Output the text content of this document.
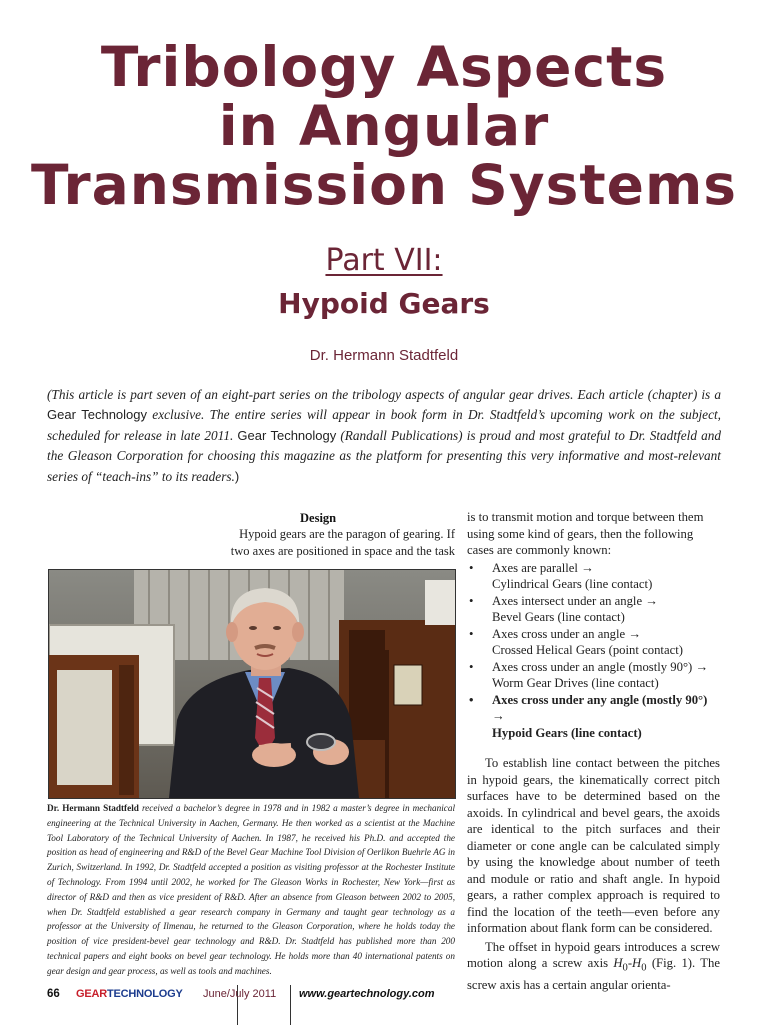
Tribology Aspects
in Angular
Transmission Systems
Part VII:
Hypoid Gears
Dr. Hermann Stadtfeld
(This article is part seven of an eight-part series on the tribology aspects of angular gear drives. Each article (chapter) is a Gear Technology exclusive. The entire series will appear in book form in Dr. Stadtfeld’s upcoming work on the subject, scheduled for release in late 2011. Gear Technology (Randall Publications) is proud and most grateful to Dr. Stadtfeld and the Gleason Corporation for choosing this magazine as the platform for presenting this very informative and most-relevant series of “teach-ins” to its readers.)
Design
Hypoid gears are the paragon of gearing. If
two axes are positioned in space and the task
Dr. Hermann Stadtfeld received a bachelor’s degree in 1978 and in 1982 a master’s degree in mechanical engineering at the Technical University in Aachen, Germany. He then worked as a scientist at the Machine Tool Laboratory of the Technical University of Aachen. In 1987, he received his Ph.D. and accepted the position as head of engineering and R&D of the Bevel Gear Machine Tool Division of Oerlikon Buehrle AG in Zurich, Switzerland. In 1992, Dr. Stadtfeld accepted a position as visiting professor at the Rochester Institute of Technology. From 1994 until 2002, he worked for The Gleason Works in Rochester, New York—first as director of R&D and then as vice president of R&D. After an absence from Gleason between 2002 to 2005, when Dr. Stadtfeld established a gear research company in Germany and taught gear technology as a professor at the University of Ilmenau, he returned to the Gleason Corporation, where he holds today the position of vice president-bevel gear technology and R&D. Dr. Stadtfeld has published more than 200 technical papers and eight books on bevel gear technology. He holds more than 40 international patents on gear design and gear process, as well as tools and machines.
is to transmit motion and torque between them
using some kind of gears, then the following
cases are commonly known:
• Axes are parallel →
Cylindrical Gears (line contact)
• Axes intersect under an angle →
Bevel Gears (line contact)
• Axes cross under an angle →
Crossed Helical Gears (point contact)
• Axes cross under an angle (mostly 90°) →
Worm Gear Drives (line contact)
• Axes cross under any angle (mostly 90°) →
Hypoid Gears (line contact)
To establish line contact between the pitches in hypoid gears, the kinematically correct pitch surfaces have to be determined based on the axoids. In cylindrical and bevel gears, the axoids are identical to the pitch surfaces and their diameter or cone angle can be calculated simply by using the knowledge about number of teeth and module or ratio and shaft angle. In hypoid gears, a rather complex approach is required to find the location of the teeth—even before any information about flank form can be considered.
The offset in hypoid gears introduces a screw motion along a screw axis $H_0-H_0$ (Fig. 1). The screw axis has a certain angular orienta-
66 GEARTECHNOLOGY June/July 2011 www.geartechnology.com
